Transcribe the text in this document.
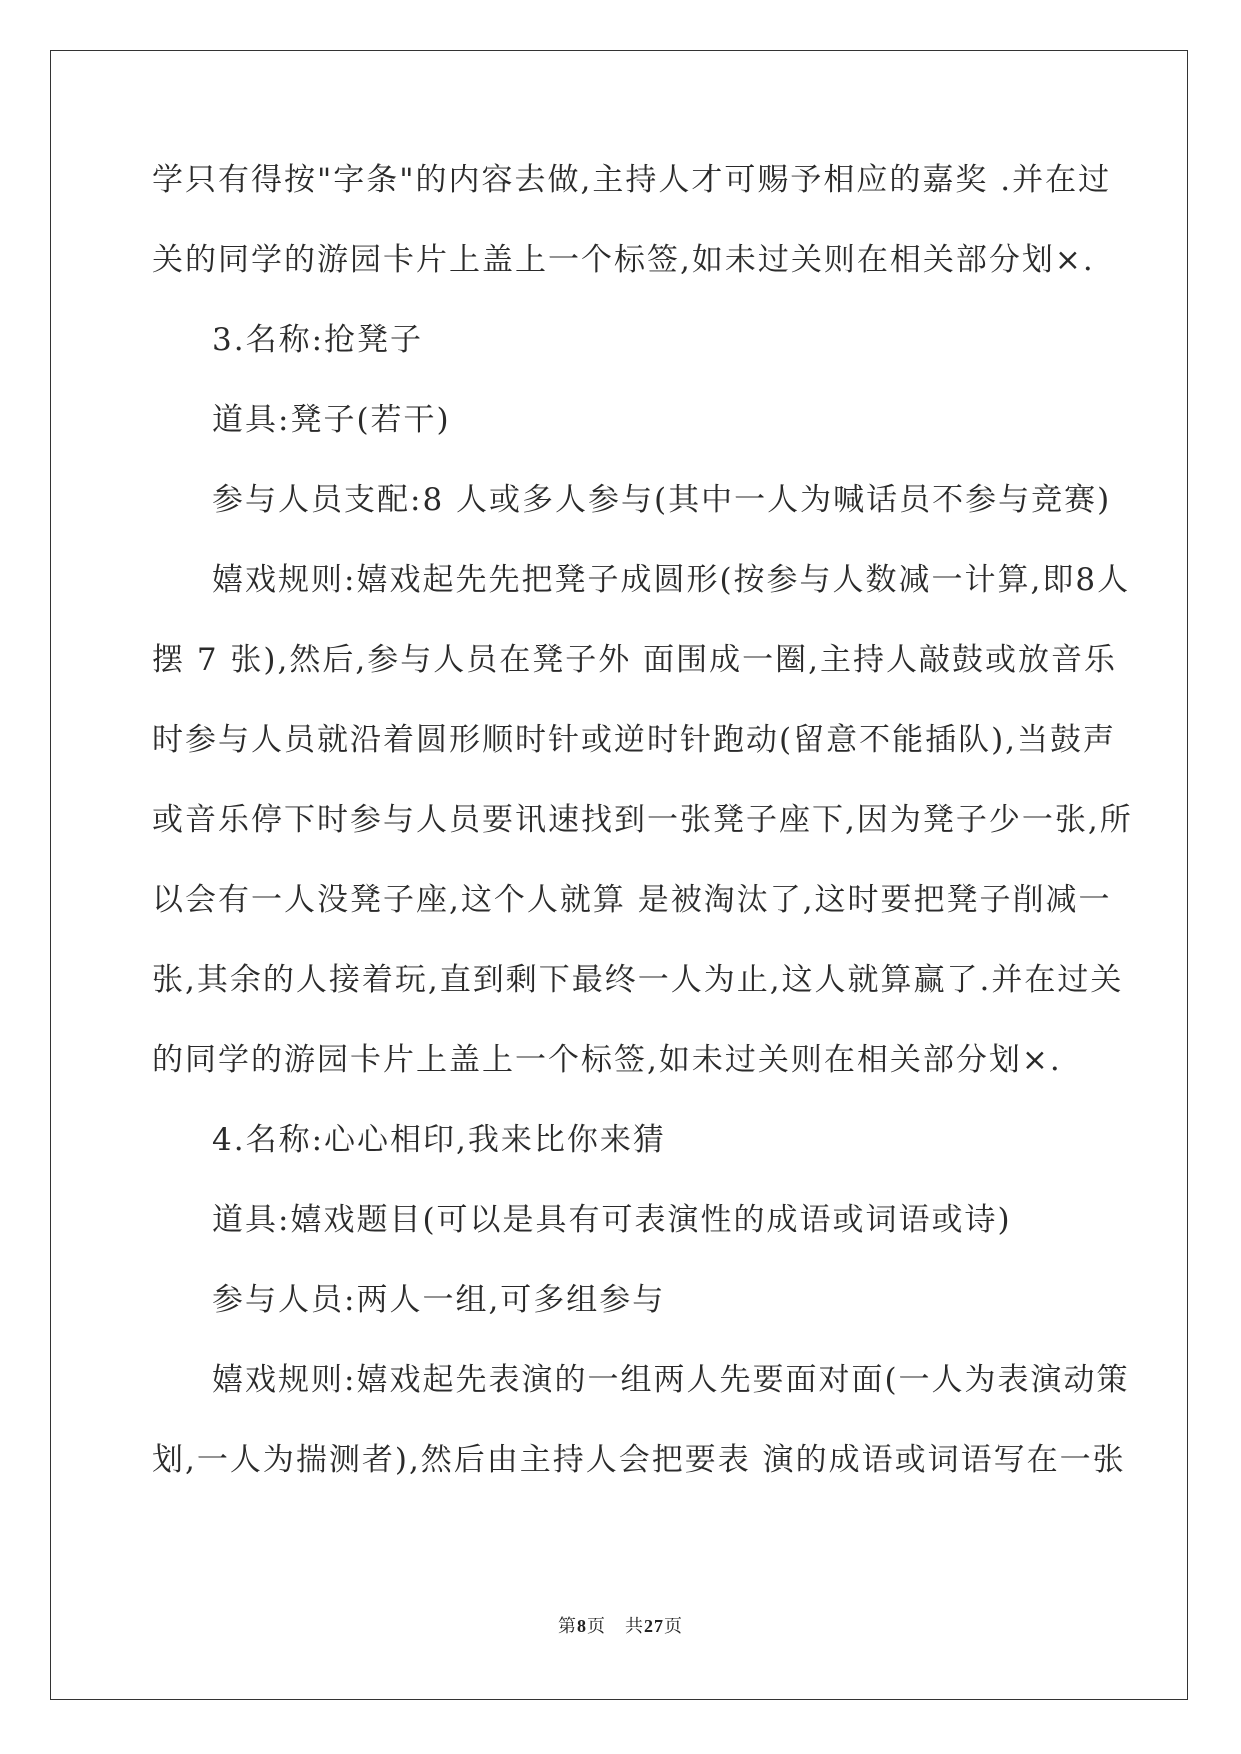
学只有得按"字条"的内容去做,主持人才可赐予相应的嘉奖 .并在过
关的同学的游园卡片上盖上一个标签,如未过关则在相关部分划×.
3.名称:抢凳子
道具:凳子(若干)
参与人员支配:8 人或多人参与(其中一人为喊话员不参与竞赛)
嬉戏规则:嬉戏起先先把凳子成圆形(按参与人数减一计算,即8人
摆 7 张),然后,参与人员在凳子外 面围成一圈,主持人敲鼓或放音乐
时参与人员就沿着圆形顺时针或逆时针跑动(留意不能插队),当鼓声
或音乐停下时参与人员要讯速找到一张凳子座下,因为凳子少一张,所
以会有一人没凳子座,这个人就算 是被淘汰了,这时要把凳子削减一
张,其余的人接着玩,直到剩下最终一人为止,这人就算赢了.并在过关
的同学的游园卡片上盖上一个标签,如未过关则在相关部分划×.
4.名称:心心相印,我来比你来猜
道具:嬉戏题目(可以是具有可表演性的成语或词语或诗)
参与人员:两人一组,可多组参与
嬉戏规则:嬉戏起先表演的一组两人先要面对面(一人为表演动策
划,一人为揣测者),然后由主持人会把要表 演的成语或词语写在一张
第8页　共27页
